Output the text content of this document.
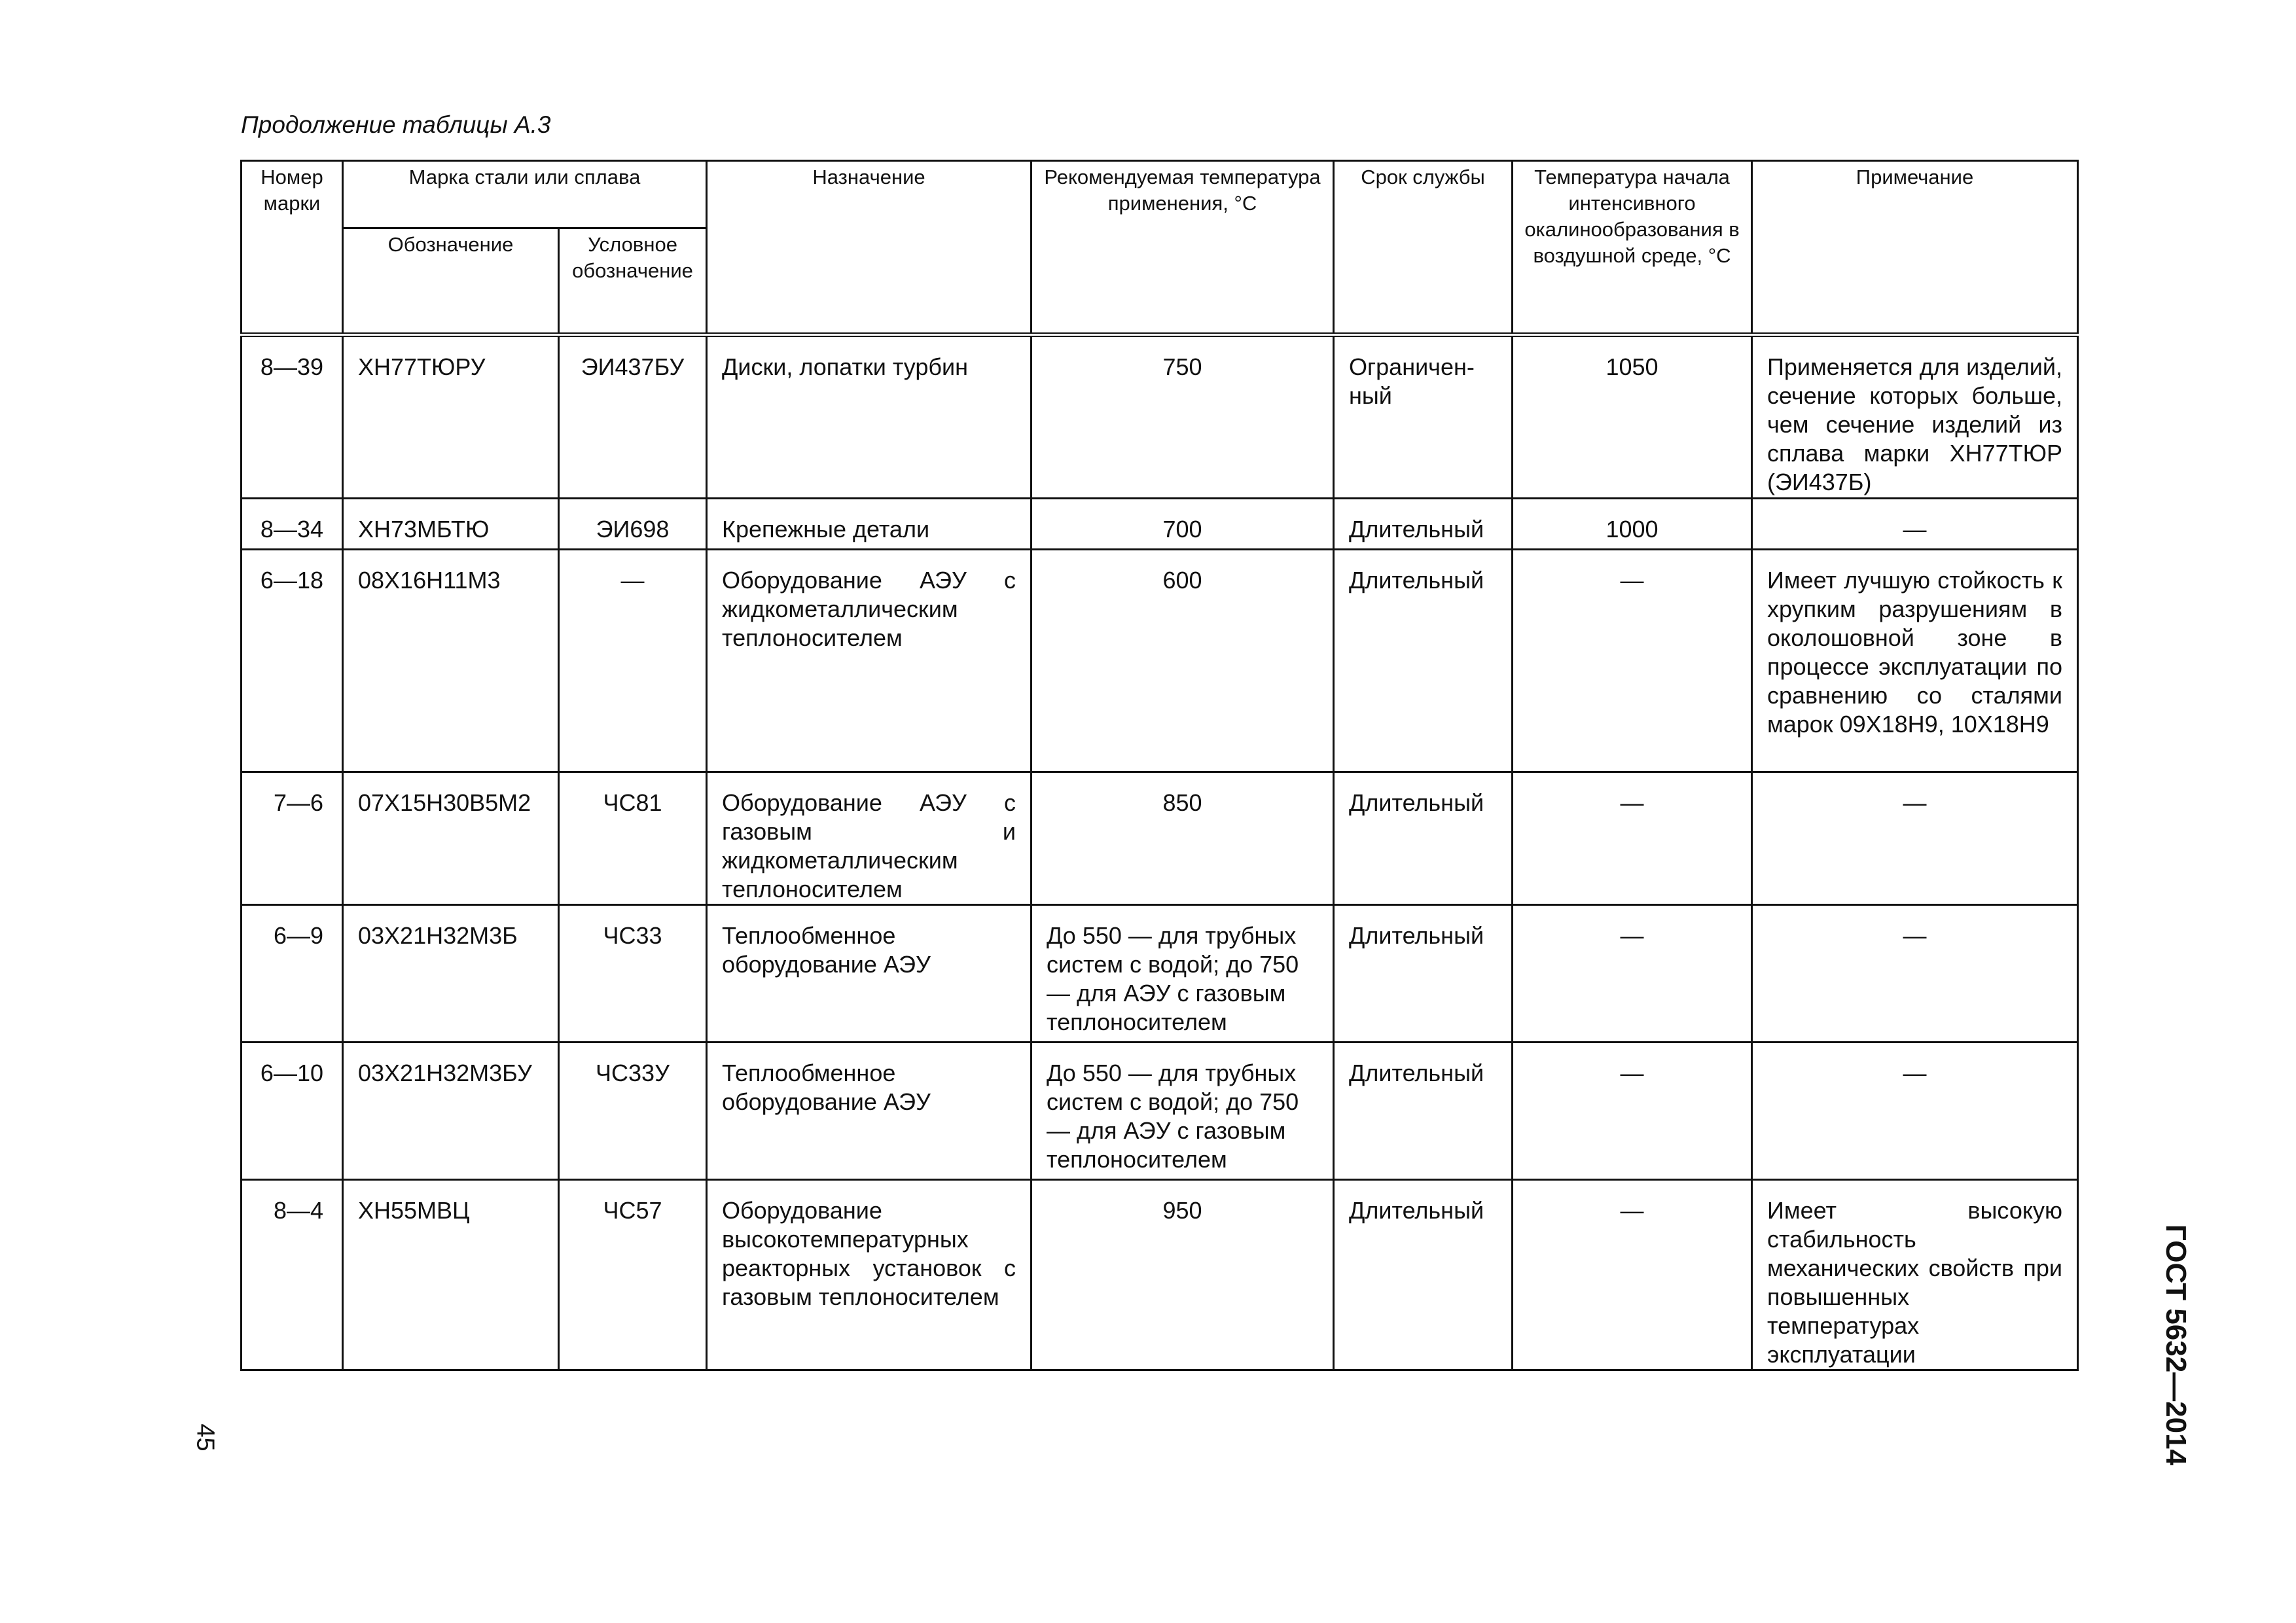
Продолжение таблицы А.3
Номер марки	Марка стали или сплава		Назначение	Рекомендуемая температура применения, °С	Срок службы	Температура начала интенсивного окалинообразования в воздушной среде, °С	Примечание
	Обозначение	Условное обозначение					
8—39	ХН77ТЮРУ	ЭИ437БУ	Диски, лопатки турбин	750	Ограничен-ный	1050	Применяется для изделий, сечение которых больше, чем сечение изделий из сплава марки ХН77ТЮР (ЭИ437Б)
8—34	ХН73МБТЮ	ЭИ698	Крепежные детали	700	Длительный	1000	—
6—18	08Х16Н11М3	—	Оборудование АЭУ с жидкометаллическим теплоносителем	600	Длительный	—	Имеет лучшую стойкость к хрупким разрушениям в околошовной зоне в процессе эксплуатации по сравнению со сталями марок 09Х18Н9, 10Х18Н9
7—6	07Х15Н30В5М2	ЧС81	Оборудование АЭУ с газовым и жидкометаллическим теплоносителем	850	Длительный	—	—
6—9	03Х21Н32М3Б	ЧС33	Теплообменное оборудование АЭУ	До 550 — для трубных систем с водой; до 750 — для АЭУ с газовым теплоносителем	Длительный	—	—
6—10	03Х21Н32М3БУ	ЧС33У	Теплообменное оборудование АЭУ	До 550 — для трубных систем с водой; до 750 — для АЭУ с газовым теплоносителем	Длительный	—	—
8—4	ХН55МВЦ	ЧС57	Оборудование высокотемпературных реакторных установок с газовым теплоносителем	950	Длительный	—	Имеет высокую стабильность механических свойств при повышенных температурах эксплуатации
45	ГОСТ 5632—2014
